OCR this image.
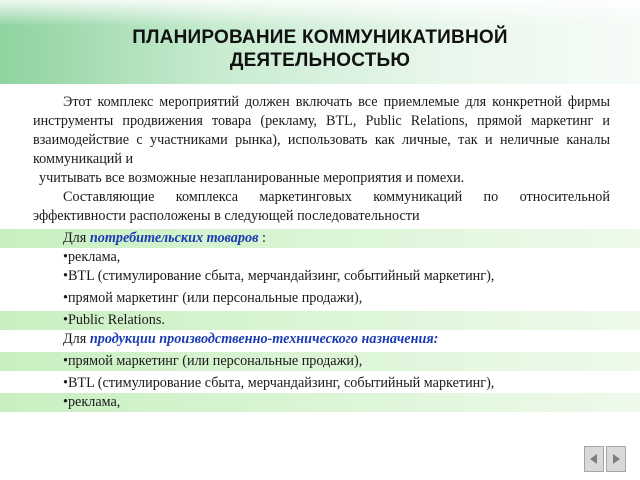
ПЛАНИРОВАНИЕ КОММУНИКАТИВНОЙ
ДЕЯТЕЛЬНОСТЬЮ

Этот комплекс мероприятий должен включать все приемлемые для конкретной фирмы инструменты продвижения товара (рекламу, BTL, Public Relations, прямой маркетинг и взаимодействие с участниками рынка), использовать как личные, так и неличные каналы коммуникаций и
учитывать все возможные незапланированные мероприятия и помехи.

Составляющие комплекса маркетинговых коммуникаций по относительной эффективности расположены в следующей последовательности

Для потребительских товаров :

•реклама,

•BTL (стимулирование сбыта, мерчандайзинг, событийный маркетинг),

•прямой маркетинг (или персональные продажи),

•Public Relations.

Для продукции производственно-технического назначения:

•прямой маркетинг (или персональные продажи),

•BTL (стимулирование сбыта, мерчандайзинг, событийный маркетинг),

•реклама,
